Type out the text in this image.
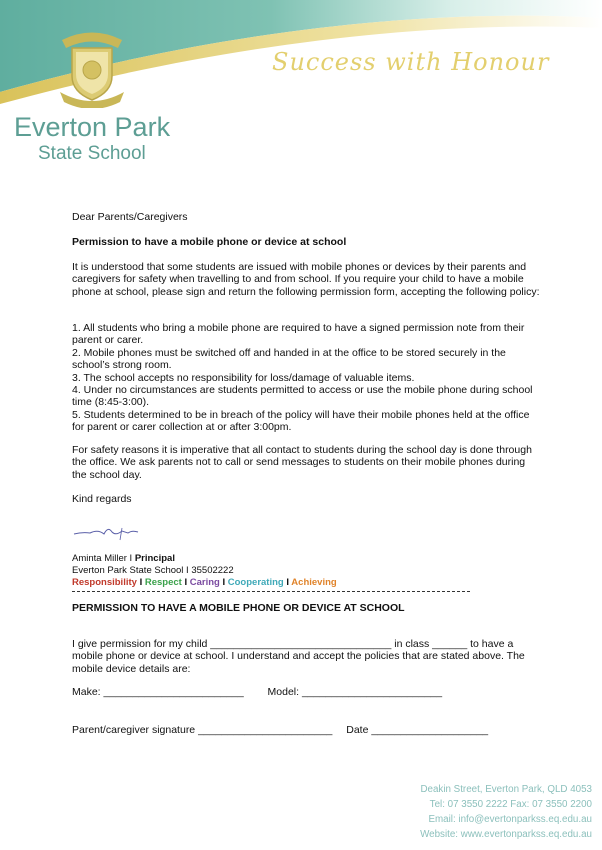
Success with Honour
Everton Park
State School
Dear Parents/Caregivers
Permission to have a mobile phone or device at school
It is understood that some students are issued with mobile phones or devices by their parents and caregivers for safety when travelling to and from school. If you require your child to have a mobile phone at school, please sign and return the following permission form, accepting the following policy:

1. All students who bring a mobile phone are required to have a signed permission note from their parent or carer.

2. Mobile phones must be switched off and handed in at the office to be stored securely in the school’s strong room.

3. The school accepts no responsibility for loss/damage of valuable items.

4. Under no circumstances are students permitted to access or use the mobile phone during school time (8:45-3:00).

5. Students determined to be in breach of the policy will have their mobile phones held at the office for parent or carer collection at or after 3:00pm.

For safety reasons it is imperative that all contact to students during the school day is done through the office. We ask parents not to call or send messages to students on their mobile phones during the school day.
Kind regards
Aminta Miller I Principal
Everton Park State School I 35502222
Responsibility I Respect I Caring I Cooperating I Achieving
PERMISSION TO HAVE A MOBILE PHONE OR DEVICE AT SCHOOL
I give permission for my child _______________________________ in class ______ to have a mobile phone or device at school. I understand and accept the policies that are stated above. The mobile device details are:
Make: ________________________ Model: ________________________
Parent/caregiver signature _______________________ Date ____________________
Deakin Street, Everton Park, QLD 4053
Tel: 07 3550 2222 Fax: 07 3550 2200
Email: info@evertonparkss.eq.edu.au
Website: www.evertonparkss.eq.edu.au
